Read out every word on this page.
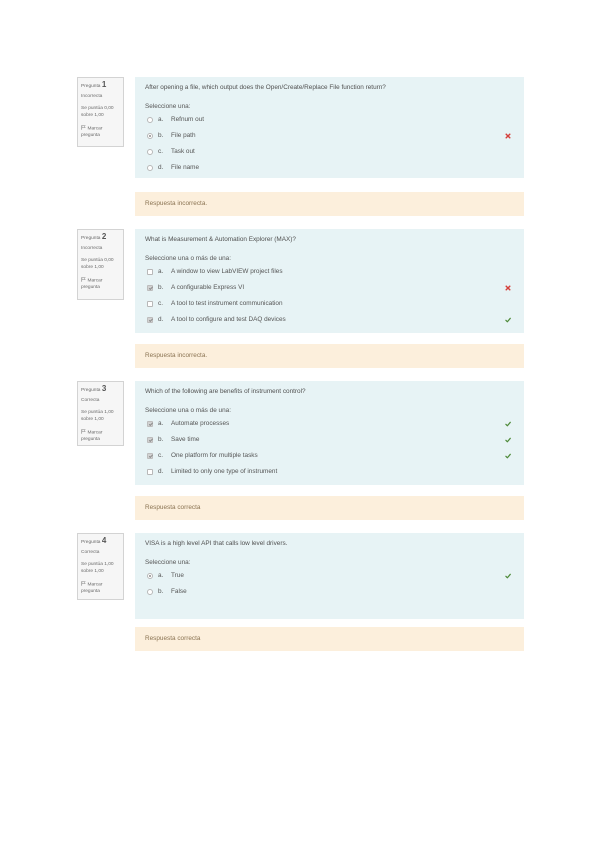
Pregunta 1
Incorrecta
Se puntúa 0,00 sobre 1,00
Marcar pregunta
After opening a file, which output does the Open/Create/Replace File function return?
Seleccione una:
a. Refnum out
b. File path
c. Task out
d. File name
Respuesta incorrecta.
Pregunta 2
Incorrecta
Se puntúa 0,00 sobre 1,00
Marcar pregunta
What is Measurement & Automation Explorer (MAX)?
Seleccione una o más de una:
a. A window to view LabVIEW project files
b. A configurable Express VI
c. A tool to test instrument communication
d. A tool to configure and test DAQ devices
Respuesta incorrecta.
Pregunta 3
Correcta
Se puntúa 1,00 sobre 1,00
Marcar pregunta
Which of the following are benefits of instrument control?
Seleccione una o más de una:
a. Automate processes
b. Save time
c. One platform for multiple tasks
d. Limited to only one type of instrument
Respuesta correcta
Pregunta 4
Correcta
Se puntúa 1,00 sobre 1,00
Marcar pregunta
VISA is a high level API that calls low level drivers.
Seleccione una:
a. True
b. False
Respuesta correcta
